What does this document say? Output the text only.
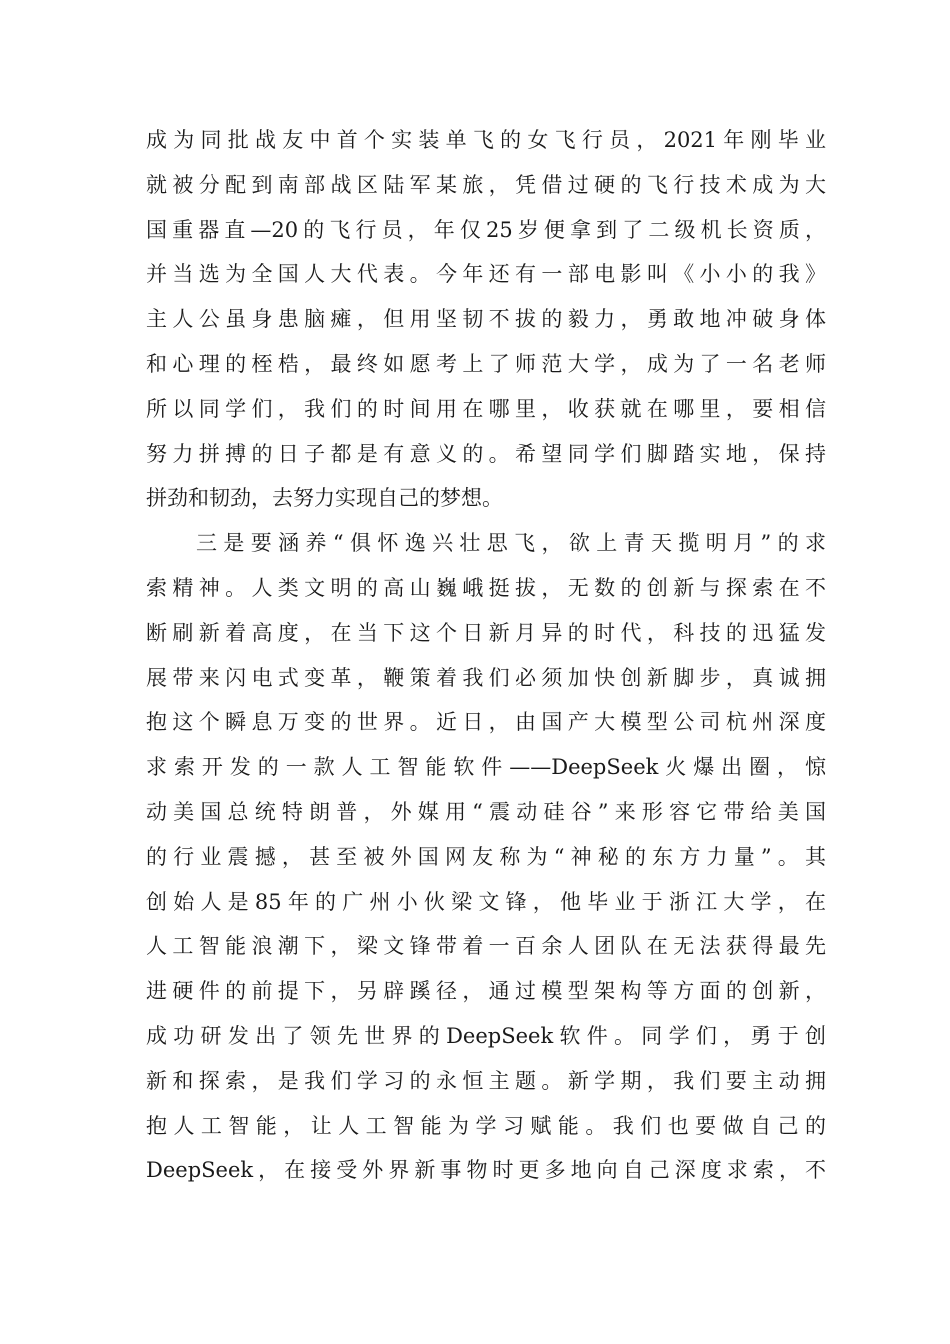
成为同批战友中首个实装单飞的女飞行员，2021年刚毕业
就被分配到南部战区陆军某旅，凭借过硬的飞行技术成为大
国重器直—20的飞行员，年仅25岁便拿到了二级机长资质，
并当选为全国人大代表。今年还有一部电影叫《小小的我》
主人公虽身患脑瘫，但用坚韧不拔的毅力，勇敢地冲破身体
和心理的桎梏，最终如愿考上了师范大学，成为了一名老师
所以同学们，我们的时间用在哪里，收获就在哪里，要相信
努力拼搏的日子都是有意义的。希望同学们脚踏实地，保持
拼劲和韧劲，去努力实现自己的梦想。
三是要涵养“俱怀逸兴壮思飞，欲上青天揽明月”的求
索精神。人类文明的高山巍峨挺拔，无数的创新与探索在不
断刷新着高度，在当下这个日新月异的时代，科技的迅猛发
展带来闪电式变革，鞭策着我们必须加快创新脚步，真诚拥
抱这个瞬息万变的世界。近日，由国产大模型公司杭州深度
求索开发的一款人工智能软件——DeepSeek火爆出圈，惊
动美国总统特朗普，外媒用“震动硅谷”来形容它带给美国
的行业震撼，甚至被外国网友称为“神秘的东方力量”。其
创始人是85年的广州小伙梁文锋，他毕业于浙江大学，在
人工智能浪潮下，梁文锋带着一百余人团队在无法获得最先
进硬件的前提下，另辟蹊径，通过模型架构等方面的创新，
成功研发出了领先世界的DeepSeek软件。同学们，勇于创
新和探索，是我们学习的永恒主题。新学期，我们要主动拥
抱人工智能，让人工智能为学习赋能。我们也要做自己的
DeepSeek，在接受外界新事物时更多地向自己深度求索，不
